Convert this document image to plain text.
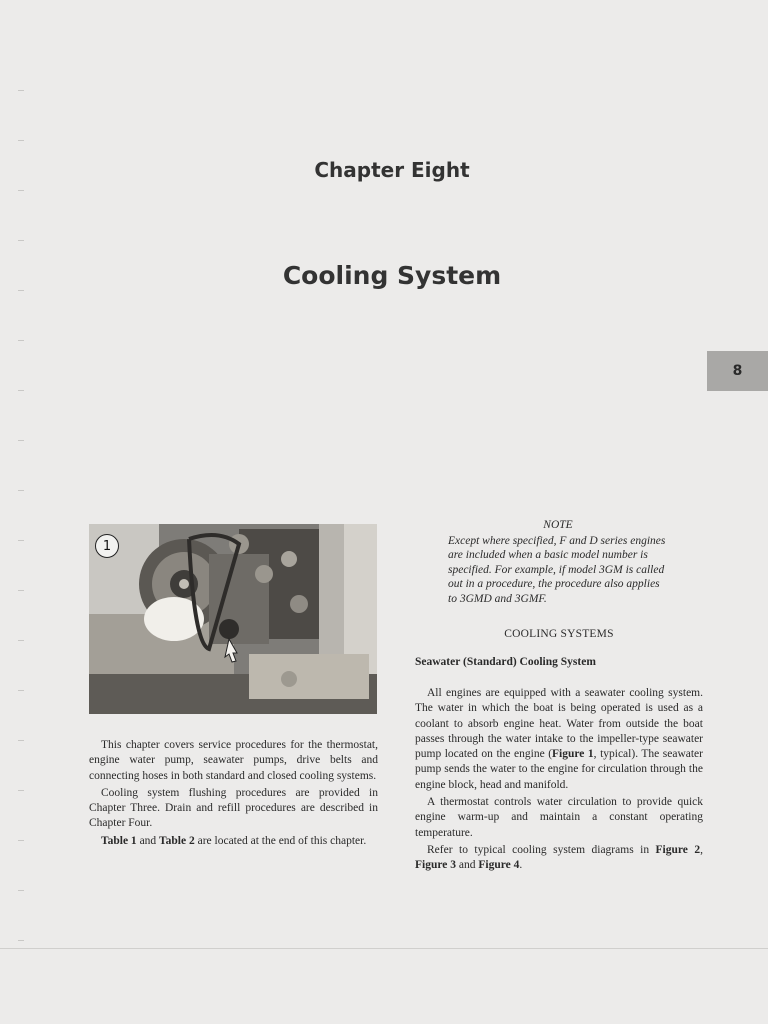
Chapter Eight
Cooling System
8
1

This chapter covers service procedures for the thermostat, engine water pump, seawater pumps, drive belts and connecting hoses in both standard and closed cooling systems.

Cooling system flushing procedures are provided in Chapter Three. Drain and refill procedures are described in Chapter Four.

Table 1 and Table 2 are located at the end of this chapter.

NOTE
Except where specified, F and D series engines are included when a basic model number is specified. For example, if model 3GM is called out in a procedure, the procedure also applies to 3GMD and 3GMF.
COOLING SYSTEMS
Seawater (Standard) Cooling System

All engines are equipped with a seawater cooling system. The water in which the boat is being operated is used as a coolant to absorb engine heat. Water from outside the boat passes through the water intake to the impeller-type seawater pump located on the engine (Figure 1, typical). The seawater pump sends the water to the engine for circulation through the engine block, head and manifold.

A thermostat controls water circulation to provide quick engine warm-up and maintain a constant operating temperature.

Refer to typical cooling system diagrams in Figure 2, Figure 3 and Figure 4.
